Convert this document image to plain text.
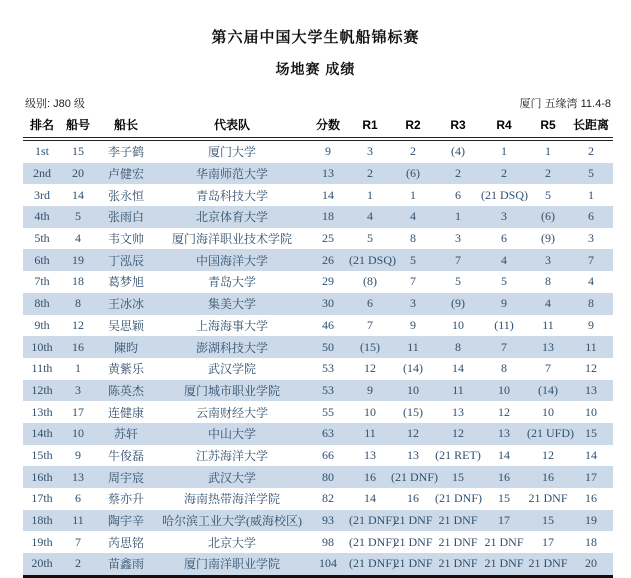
第六届中国大学生帆船锦标赛
场地赛 成绩
级别: J80 级	厦门 五缘湾 11.4-8
排名	船号	船长	代表队	分数	R1	R2	R3	R4	R5	长距离
1st	15	李子鹤	厦门大学	9	3	2	(4)	1	1	2
2nd	20	卢健宏	华南师范大学	13	2	(6)	2	2	2	5
3rd	14	张永恒	青岛科技大学	14	1	1	6	(21 DSQ)	5	1
4th	5	张雨白	北京体育大学	18	4	4	1	3	(6)	6
5th	4	韦文帅	厦门海洋职业技术学院	25	5	8	3	6	(9)	3
6th	19	丁泓辰	中国海洋大学	26	(21 DSQ)	5	7	4	3	7
7th	18	葛梦旭	青岛大学	29	(8)	7	5	5	8	4
8th	8	王冰冰	集美大学	30	6	3	(9)	9	4	8
9th	12	吴思颖	上海海事大学	46	7	9	10	(11)	11	9
10th	16	陳昀	澎湖科技大学	50	(15)	11	8	7	13	11
11th	1	黄紫乐	武汉学院	53	12	(14)	14	8	7	12
12th	3	陈英杰	厦门城市职业学院	53	9	10	11	10	(14)	13
13th	17	连健康	云南财经大学	55	10	(15)	13	12	10	10
14th	10	苏轩	中山大学	63	11	12	12	13	(21 UFD)	15
15th	9	牛俊磊	江苏海洋大学	66	13	13	(21 RET)	14	12	14
16th	13	周宇宸	武汉大学	80	16	(21 DNF)	15	16	16	17
17th	6	蔡亦升	海南热带海洋学院	82	14	16	(21 DNF)	15	21 DNF	16
18th	11	陶宇辛	哈尔滨工业大学(威海校区)	93	(21 DNF)	21 DNF	21 DNF	17	15	19
19th	7	芮思铭	北京大学	98	(21 DNF)	21 DNF	21 DNF	21 DNF	17	18
20th	2	苗鑫雨	厦门南洋职业学院	104	(21 DNF)	21 DNF	21 DNF	21 DNF	21 DNF	20
